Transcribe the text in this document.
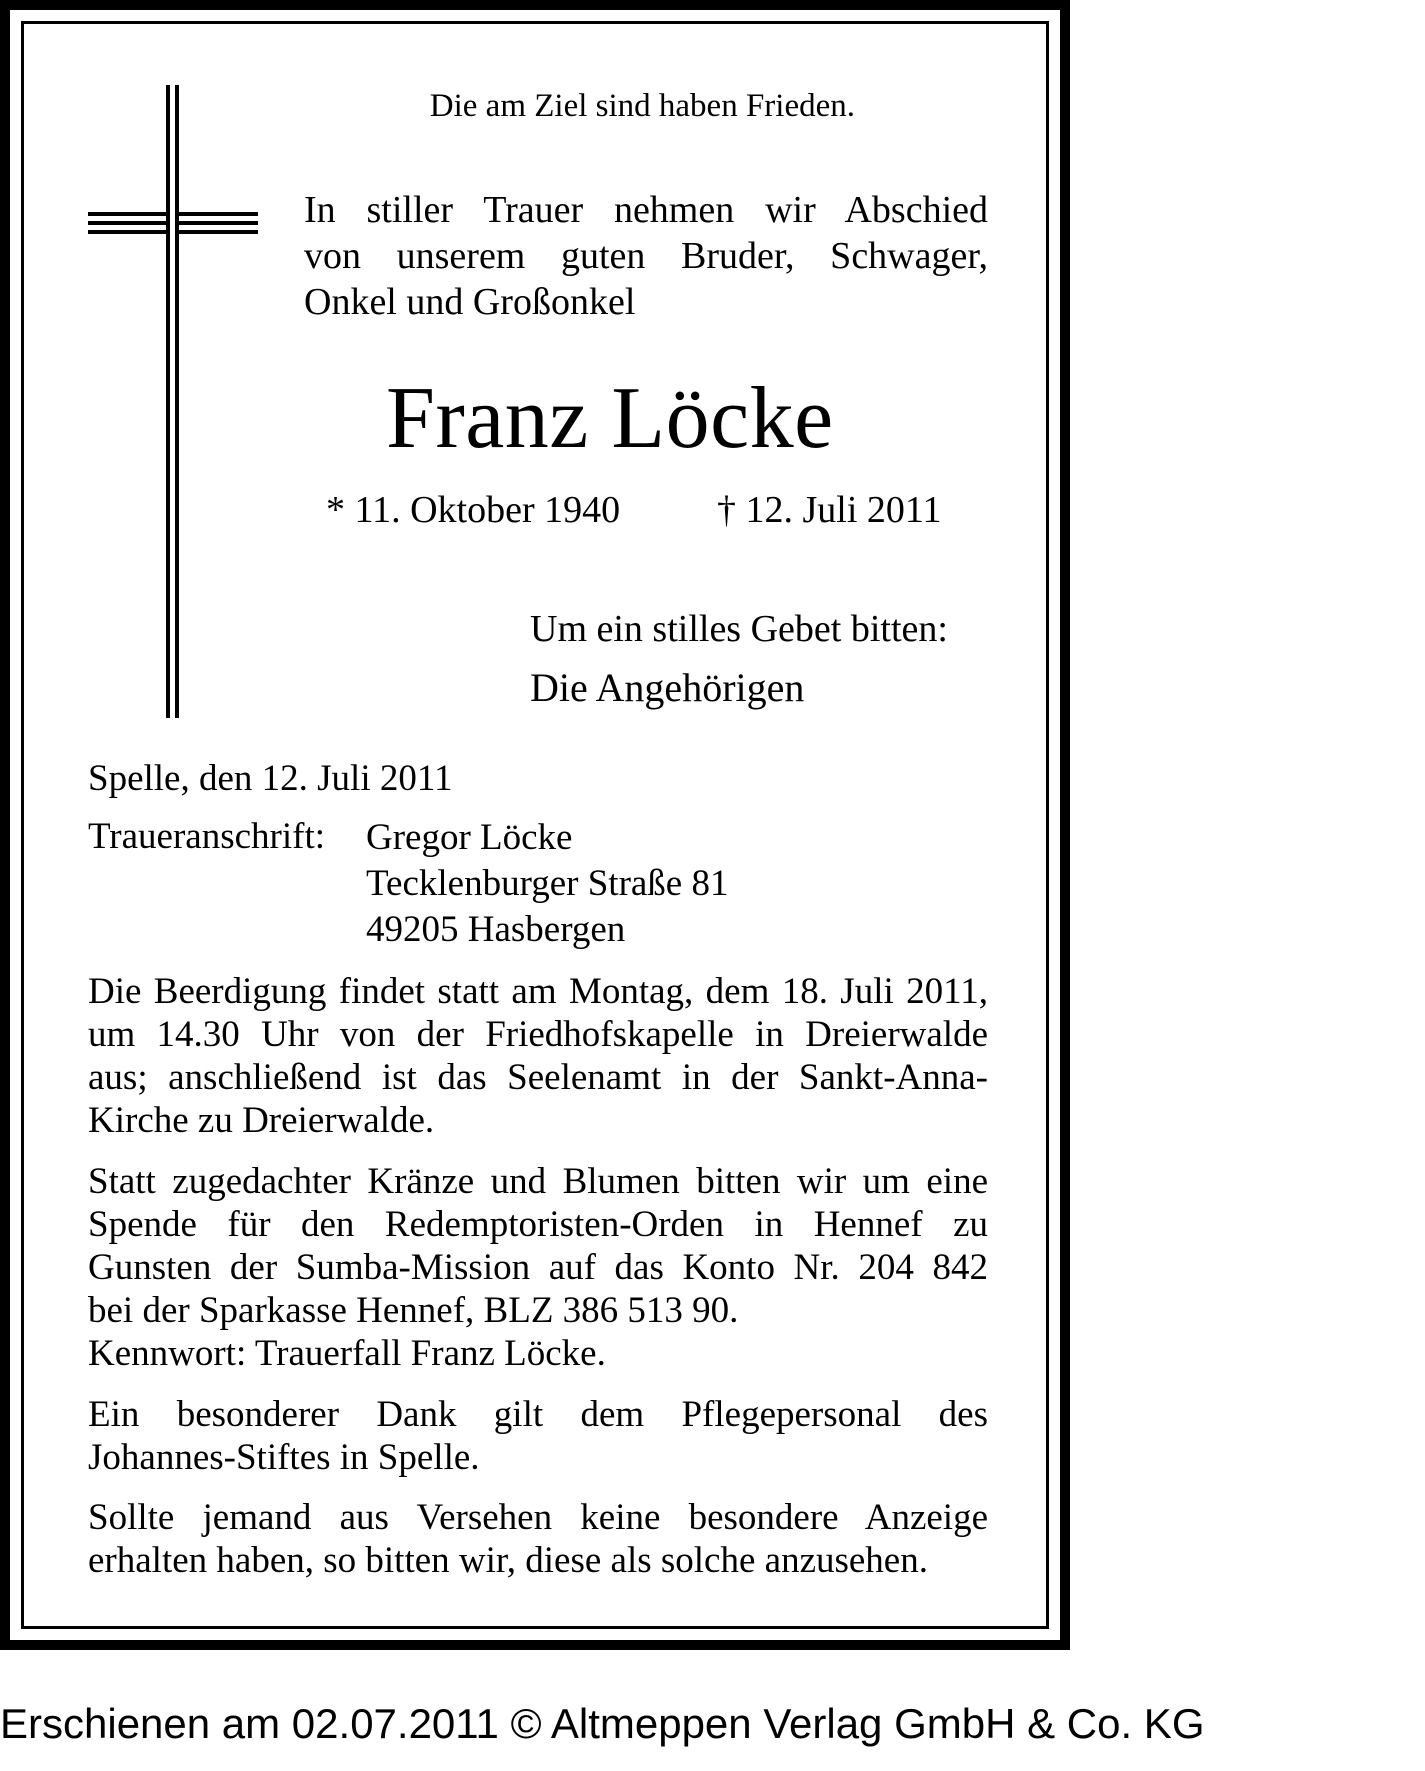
Die am Ziel sind haben Frieden.

In stiller Trauer nehmen wir Abschied
von unserem guten Bruder, Schwager,
Onkel und Großonkel

Franz Löcke

* 11. Oktober 1940	† 12. Juli 2011

Um ein stilles Gebet bitten:

Die Angehörigen

Spelle, den 12. Juli 2011

Traueranschrift: Gregor Löcke
Tecklenburger Straße 81
49205 Hasbergen

Die Beerdigung findet statt am Montag, dem 18. Juli 2011,
um 14.30 Uhr von der Friedhofskapelle in Dreierwalde
aus; anschließend ist das Seelenamt in der Sankt-Anna-
Kirche zu Dreierwalde.

Statt zugedachter Kränze und Blumen bitten wir um eine
Spende für den Redemptoristen-Orden in Hennef zu
Gunsten der Sumba-Mission auf das Konto Nr. 204 842
bei der Sparkasse Hennef, BLZ 386 513 90.
Kennwort: Trauerfall Franz Löcke.

Ein besonderer Dank gilt dem Pflegepersonal des
Johannes-Stiftes in Spelle.

Sollte jemand aus Versehen keine besondere Anzeige
erhalten haben, so bitten wir, diese als solche anzusehen.

Erschienen am 02.07.2011 © Altmeppen Verlag GmbH & Co. KG
